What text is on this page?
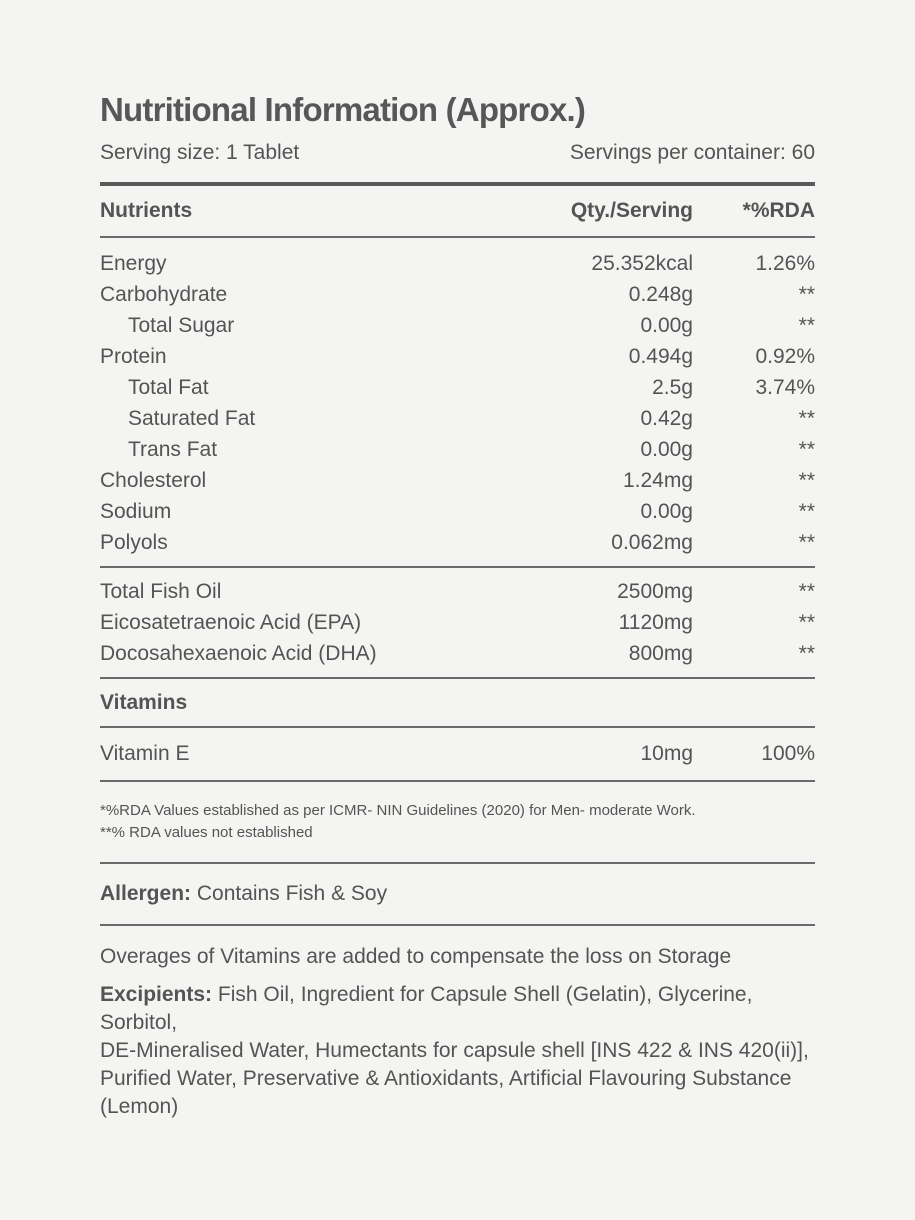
Nutritional Information (Approx.)
Serving size: 1 Tablet	Servings per container: 60
Nutrients	Qty./Serving	*%RDA
Energy	25.352kcal	1.26%
Carbohydrate	0.248g	**
Total Sugar	0.00g	**
Protein	0.494g	0.92%
Total Fat	2.5g	3.74%
Saturated Fat	0.42g	**
Trans Fat	0.00g	**
Cholesterol	1.24mg	**
Sodium	0.00g	**
Polyols	0.062mg	**
Total Fish Oil	2500mg	**
Eicosatetraenoic Acid (EPA)	1120mg	**
Docosahexaenoic Acid (DHA)	800mg	**
Vitamins
Vitamin E	10mg	100%
*%RDA Values established as per ICMR- NIN Guidelines (2020) for Men- moderate Work.
**% RDA values not established
Allergen: Contains Fish & Soy
Overages of Vitamins are added to compensate the loss on Storage
Excipients: Fish Oil, Ingredient for Capsule Shell (Gelatin), Glycerine, Sorbitol,
DE-Mineralised Water, Humectants for capsule shell [INS 422 & INS 420(ii)], Purified Water, Preservative & Antioxidants, Artificial Flavouring Substance (Lemon)
